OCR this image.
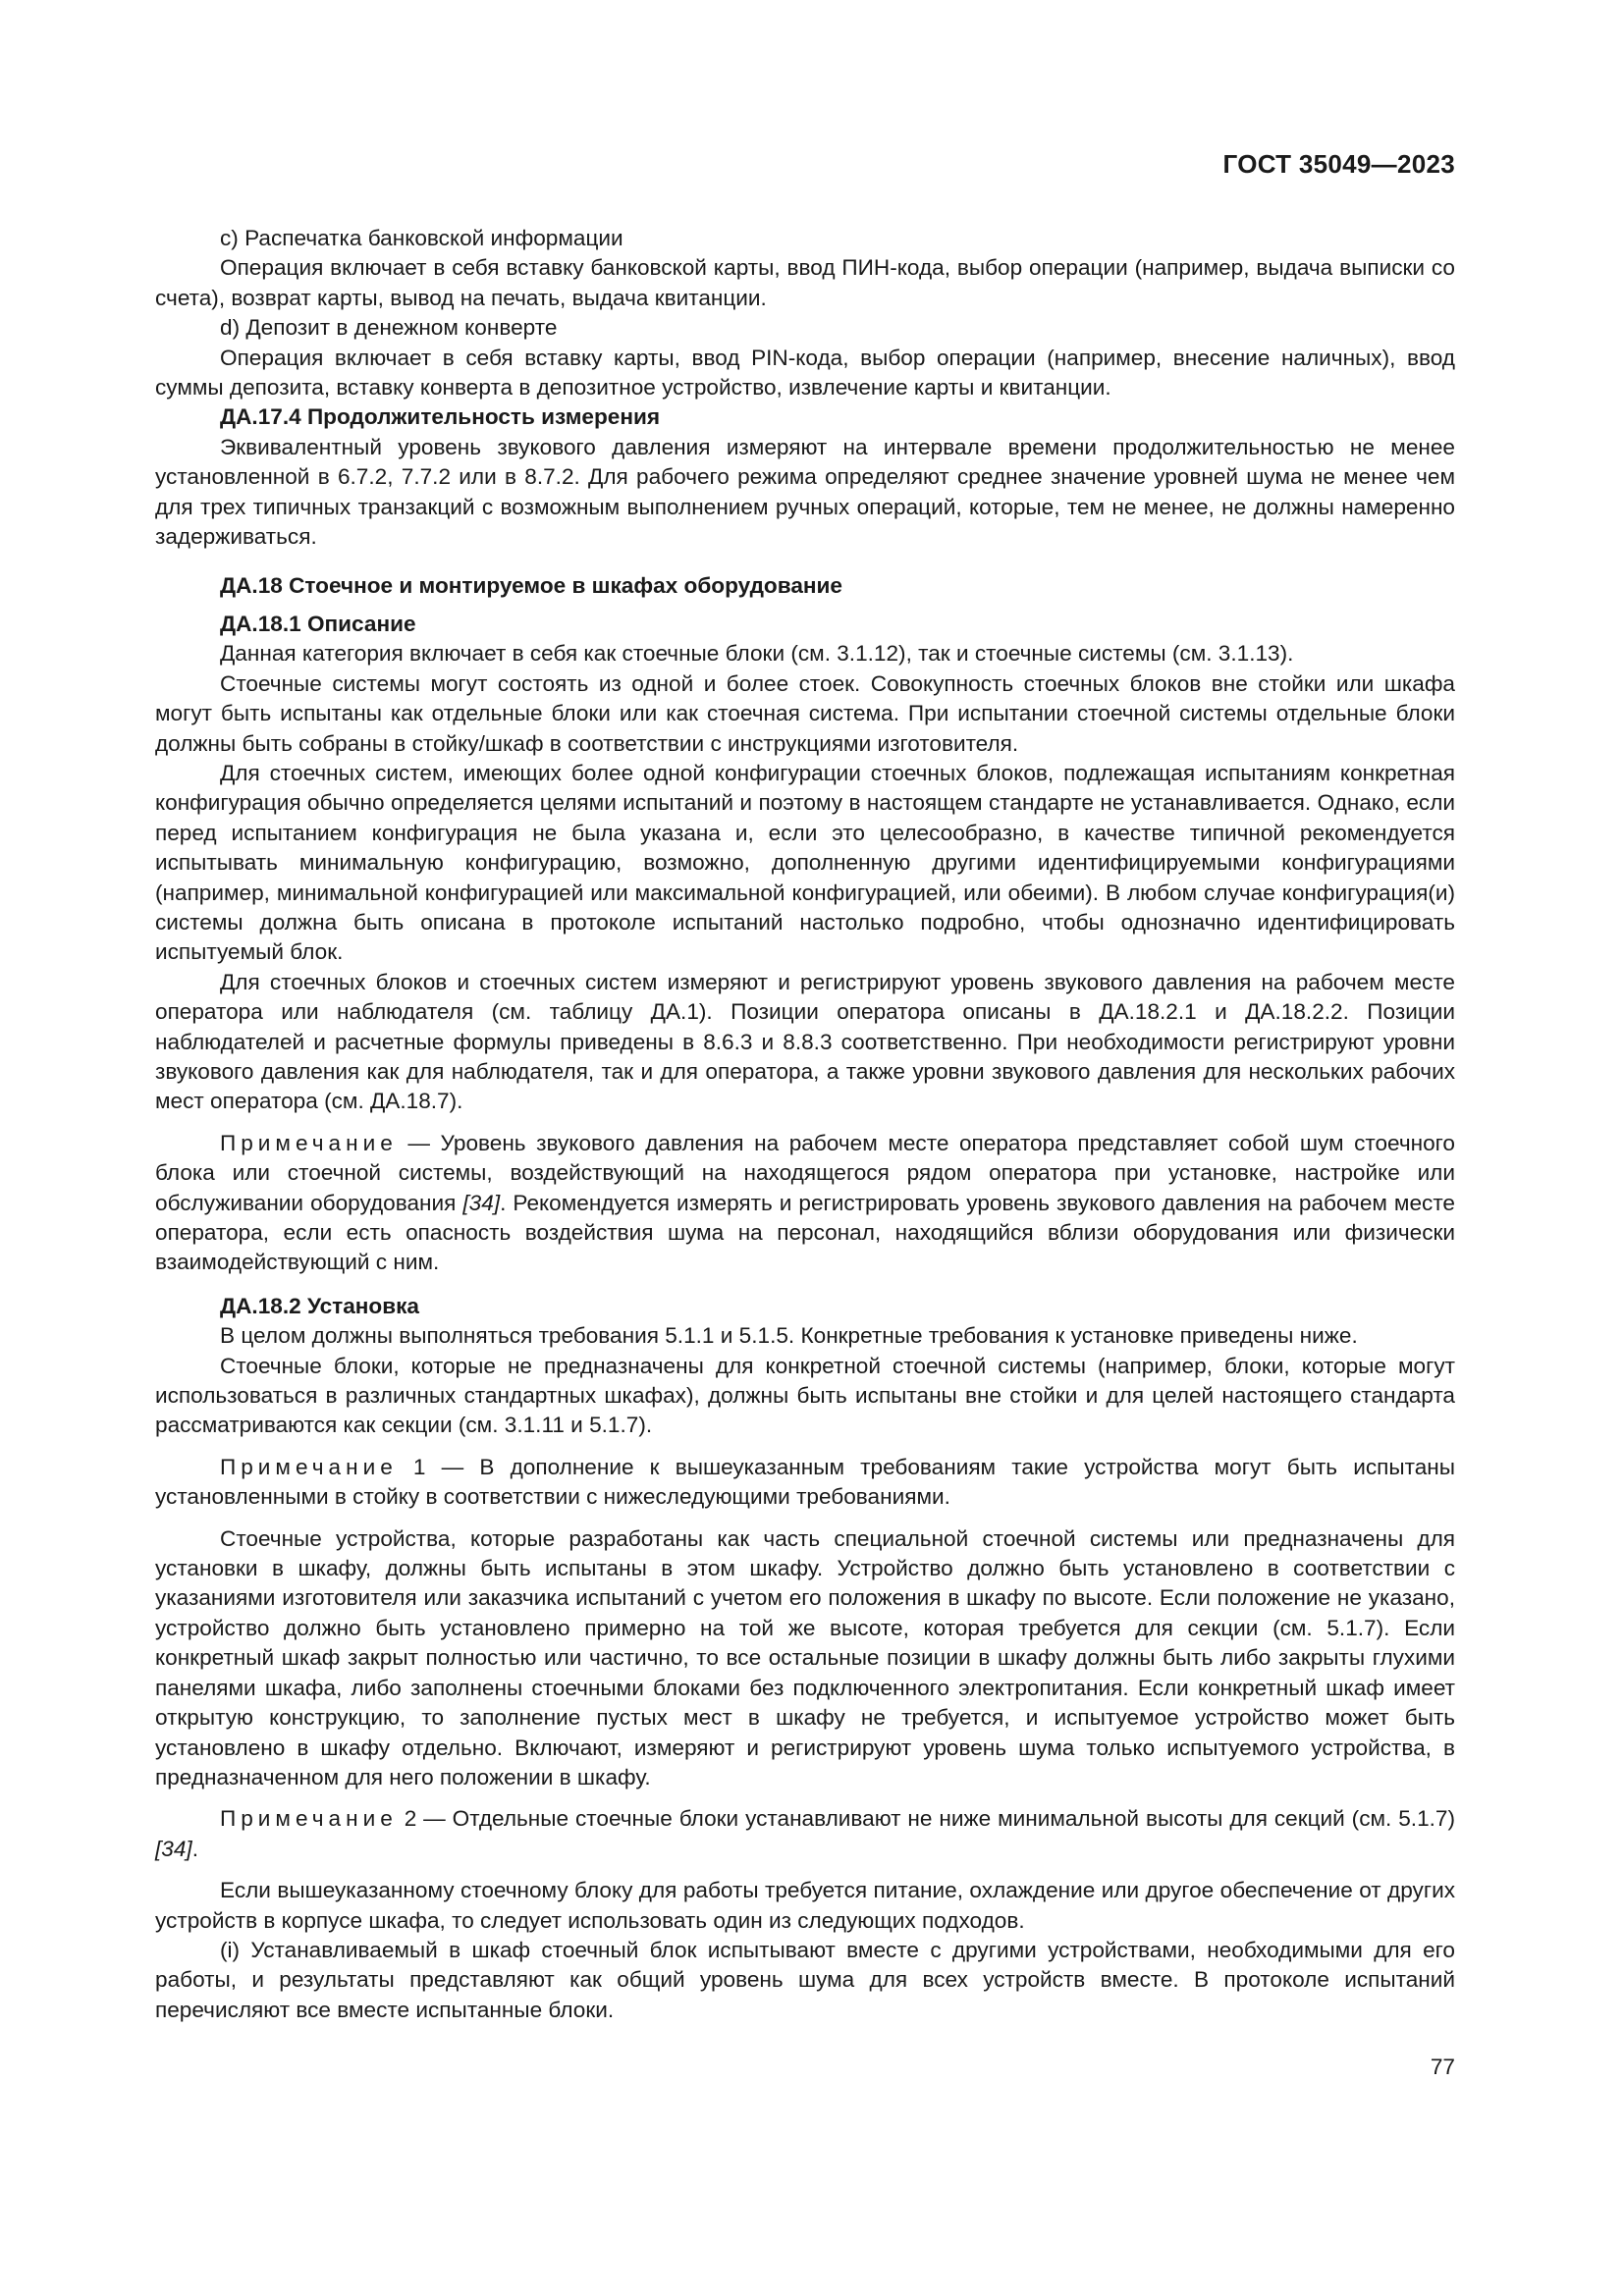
ГОСТ 35049—2023

c) Распечатка банковской информации

Операция включает в себя вставку банковской карты, ввод ПИН-кода, выбор операции (например, выдача выписки со счета), возврат карты, вывод на печать, выдача квитанции.

d) Депозит в денежном конверте

Операция включает в себя вставку карты, ввод PIN-кода, выбор операции (например, внесение наличных), ввод суммы депозита, вставку конверта в депозитное устройство, извлечение карты и квитанции.

ДА.17.4 Продолжительность измерения

Эквивалентный уровень звукового давления измеряют на интервале времени продолжительностью не менее установленной в 6.7.2, 7.7.2 или в 8.7.2. Для рабочего режима определяют среднее значение уровней шума не менее чем для трех типичных транзакций с возможным выполнением ручных операций, которые, тем не менее, не должны намеренно задерживаться.

ДА.18 Стоечное и монтируемое в шкафах оборудование

ДА.18.1 Описание

Данная категория включает в себя как стоечные блоки (см. 3.1.12), так и стоечные системы (см. 3.1.13).

Стоечные системы могут состоять из одной и более стоек. Совокупность стоечных блоков вне стойки или шкафа могут быть испытаны как отдельные блоки или как стоечная система. При испытании стоечной системы отдельные блоки должны быть собраны в стойку/шкаф в соответствии с инструкциями изготовителя.

Для стоечных систем, имеющих более одной конфигурации стоечных блоков, подлежащая испытаниям конкретная конфигурация обычно определяется целями испытаний и поэтому в настоящем стандарте не устанавливается. Однако, если перед испытанием конфигурация не была указана и, если это целесообразно, в качестве типичной рекомендуется испытывать минимальную конфигурацию, возможно, дополненную другими идентифицируемыми конфигурациями (например, минимальной конфигурацией или максимальной конфигурацией, или обеими). В любом случае конфигурация(и) системы должна быть описана в протоколе испытаний настолько подробно, чтобы однозначно идентифицировать испытуемый блок.

Для стоечных блоков и стоечных систем измеряют и регистрируют уровень звукового давления на рабочем месте оператора или наблюдателя (см. таблицу ДА.1). Позиции оператора описаны в ДА.18.2.1 и ДА.18.2.2. Позиции наблюдателей и расчетные формулы приведены в 8.6.3 и 8.8.3 соответственно. При необходимости регистрируют уровни звукового давления как для наблюдателя, так и для оператора, а также уровни звукового давления для нескольких рабочих мест оператора (см. ДА.18.7).

Примечание — Уровень звукового давления на рабочем месте оператора представляет собой шум стоечного блока или стоечной системы, воздействующий на находящегося рядом оператора при установке, настройке или обслуживании оборудования [34]. Рекомендуется измерять и регистрировать уровень звукового давления на рабочем месте оператора, если есть опасность воздействия шума на персонал, находящийся вблизи оборудования или физически взаимодействующий с ним.

ДА.18.2 Установка

В целом должны выполняться требования 5.1.1 и 5.1.5. Конкретные требования к установке приведены ниже.

Стоечные блоки, которые не предназначены для конкретной стоечной системы (например, блоки, которые могут использоваться в различных стандартных шкафах), должны быть испытаны вне стойки и для целей настоящего стандарта рассматриваются как секции (см. 3.1.11 и 5.1.7).

Примечание 1 — В дополнение к вышеуказанным требованиям такие устройства могут быть испытаны установленными в стойку в соответствии с нижеследующими требованиями.

Стоечные устройства, которые разработаны как часть специальной стоечной системы или предназначены для установки в шкафу, должны быть испытаны в этом шкафу. Устройство должно быть установлено в соответствии с указаниями изготовителя или заказчика испытаний с учетом его положения в шкафу по высоте. Если положение не указано, устройство должно быть установлено примерно на той же высоте, которая требуется для секции (см. 5.1.7). Если конкретный шкаф закрыт полностью или частично, то все остальные позиции в шкафу должны быть либо закрыты глухими панелями шкафа, либо заполнены стоечными блоками без подключенного электропитания. Если конкретный шкаф имеет открытую конструкцию, то заполнение пустых мест в шкафу не требуется, и испытуемое устройство может быть установлено в шкафу отдельно. Включают, измеряют и регистрируют уровень шума только испытуемого устройства, в предназначенном для него положении в шкафу.

Примечание 2 — Отдельные стоечные блоки устанавливают не ниже минимальной высоты для секций (см. 5.1.7) [34].

Если вышеуказанному стоечному блоку для работы требуется питание, охлаждение или другое обеспечение от других устройств в корпусе шкафа, то следует использовать один из следующих подходов.

(i) Устанавливаемый в шкаф стоечный блок испытывают вместе с другими устройствами, необходимыми для его работы, и результаты представляют как общий уровень шума для всех устройств вместе. В протоколе испытаний перечисляют все вместе испытанные блоки.

77
